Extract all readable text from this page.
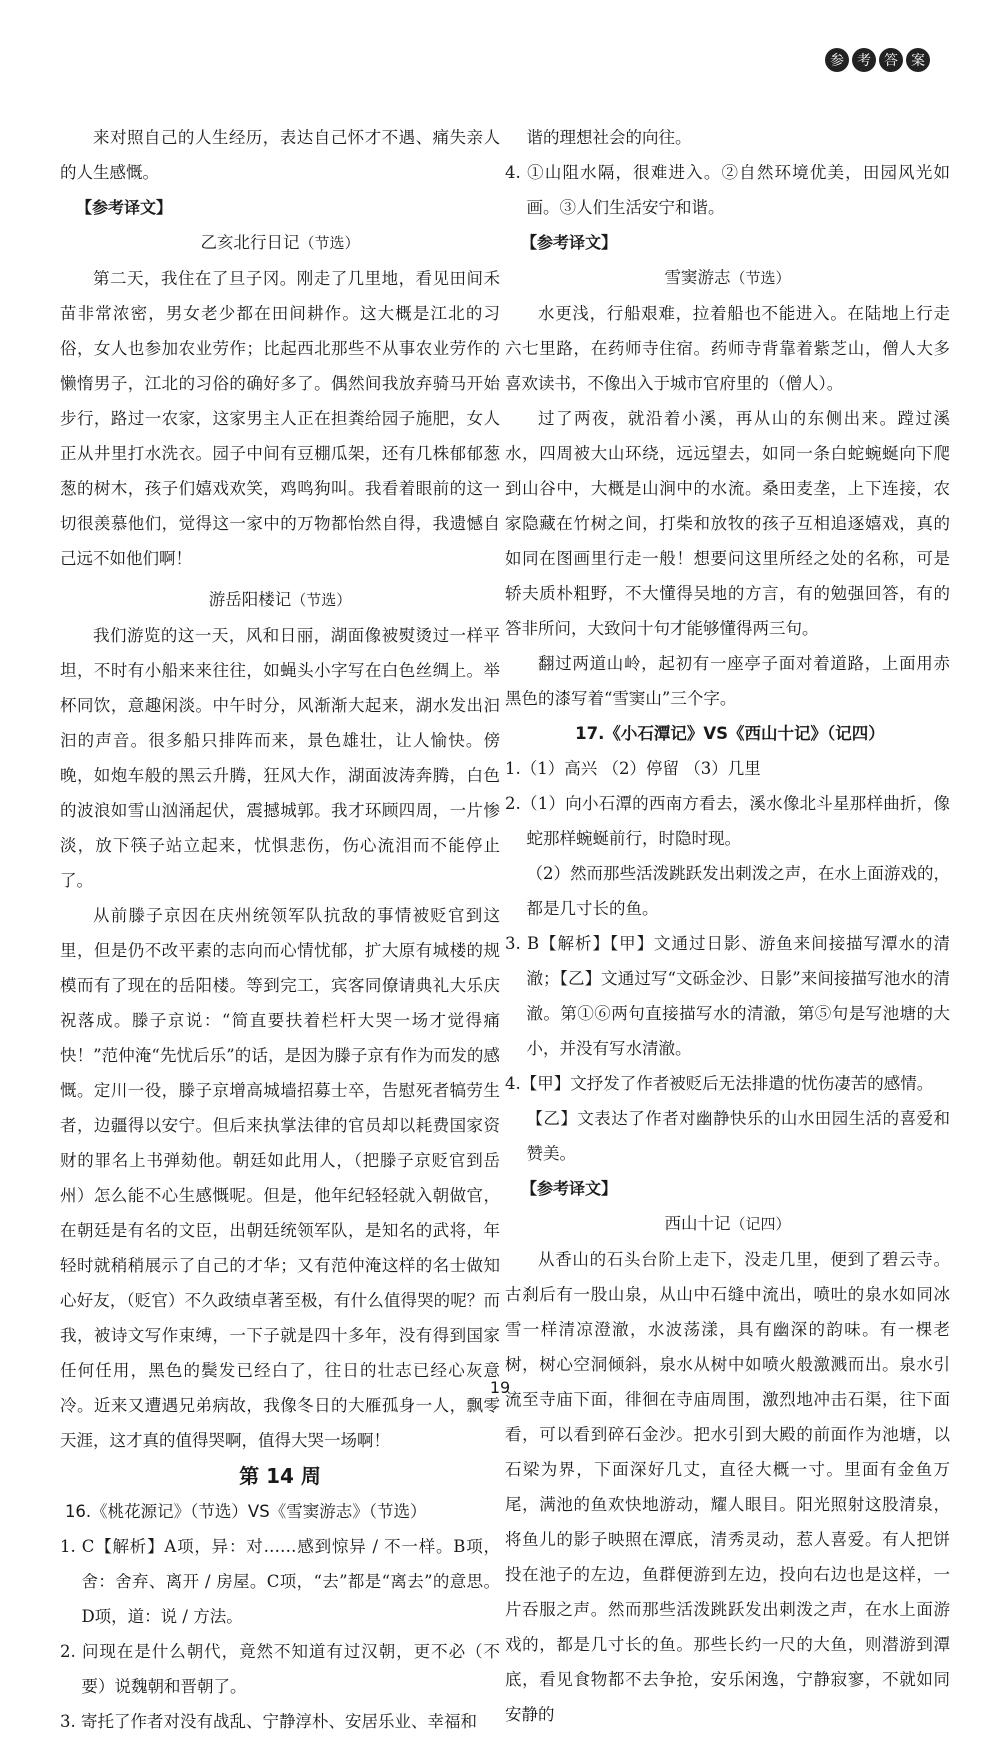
参 考 答 案

来对照自己的人生经历，表达自己怀才不遇、痛失亲人的人生感慨。

【参考译文】
乙亥北行日记（节选）

第二天，我住在了旦子冈。刚走了几里地，看见田间禾苗非常浓密，男女老少都在田间耕作。这大概是江北的习俗，女人也参加农业劳作；比起西北那些不从事农业劳作的懒惰男子，江北的习俗的确好多了。偶然间我放弃骑马开始步行，路过一农家，这家男主人正在担粪给园子施肥，女人正从井里打水洗衣。园子中间有豆棚瓜架，还有几株郁郁葱葱的树木，孩子们嬉戏欢笑，鸡鸣狗叫。我看着眼前的这一切很羡慕他们，觉得这一家中的万物都怡然自得，我遗憾自己远不如他们啊！

游岳阳楼记（节选）

我们游览的这一天，风和日丽，湖面像被熨烫过一样平坦，不时有小船来来往往，如蝇头小字写在白色丝绸上。举杯同饮，意趣闲淡。中午时分，风渐渐大起来，湖水发出汩汩的声音。很多船只排阵而来，景色雄壮，让人愉快。傍晚，如炮车般的黑云升腾，狂风大作，湖面波涛奔腾，白色的波浪如雪山汹涌起伏，震撼城郭。我才环顾四周，一片惨淡，放下筷子站立起来，忧惧悲伤，伤心流泪而不能停止了。

从前滕子京因在庆州统领军队抗敌的事情被贬官到这里，但是仍不改平素的志向而心情忧郁，扩大原有城楼的规模而有了现在的岳阳楼。等到完工，宾客同僚请典礼大乐庆祝落成。滕子京说：“简直要扶着栏杆大哭一场才觉得痛快！”范仲淹“先忧后乐”的话，是因为滕子京有作为而发的感慨。定川一役，滕子京增高城墙招募士卒，告慰死者犒劳生者，边疆得以安宁。但后来执掌法律的官员却以耗费国家资财的罪名上书弹劾他。朝廷如此用人，（把滕子京贬官到岳州）怎么能不心生感慨呢。但是，他年纪轻轻就入朝做官，在朝廷是有名的文臣，出朝廷统领军队，是知名的武将，年轻时就稍稍展示了自己的才华；又有范仲淹这样的名士做知心好友，（贬官）不久政绩卓著至极，有什么值得哭的呢？而我，被诗文写作束缚，一下子就是四十多年，没有得到国家任何任用，黑色的鬓发已经白了，往日的壮志已经心灰意冷。近来又遭遇兄弟病故，我像冬日的大雁孤身一人，飘零天涯，这才真的值得哭啊，值得大哭一场啊！

第 14 周
16.《桃花源记》（节选）VS《雪窦游志》（节选）

1. C【解析】A项，异：对……感到惊异 / 不一样。B项，舍：舍弃、离开 / 房屋。C项，“去”都是“离去”的意思。D项，道：说 / 方法。

2. 问现在是什么朝代，竟然不知道有过汉朝，更不必（不要）说魏朝和晋朝了。

3. 寄托了作者对没有战乱、宁静淳朴、安居乐业、幸福和

谐的理想社会的向往。

4. ①山阻水隔，很难进入。②自然环境优美，田园风光如画。③人们生活安宁和谐。

【参考译文】
雪窦游志（节选）

水更浅，行船艰难，拉着船也不能进入。在陆地上行走六七里路，在药师寺住宿。药师寺背靠着紫芝山，僧人大多喜欢读书，不像出入于城市官府里的（僧人）。

过了两夜，就沿着小溪，再从山的东侧出来。蹚过溪水，四周被大山环绕，远远望去，如同一条白蛇蜿蜒向下爬到山谷中，大概是山涧中的水流。桑田麦垄，上下连接，农家隐藏在竹树之间，打柴和放牧的孩子互相追逐嬉戏，真的如同在图画里行走一般！想要问这里所经之处的名称，可是轿夫质朴粗野，不大懂得吴地的方言，有的勉强回答，有的答非所问，大致问十句才能够懂得两三句。

翻过两道山岭，起初有一座亭子面对着道路，上面用赤黑色的漆写着“雪窦山”三个字。

17.《小石潭记》VS《西山十记》（记四）

1.（1）高兴 （2）停留 （3）几里

2.（1）向小石潭的西南方看去，溪水像北斗星那样曲折，像蛇那样蜿蜒前行，时隐时现。

（2）然而那些活泼跳跃发出刺泼之声，在水上面游戏的，都是几寸长的鱼。

3. B【解析】【甲】文通过日影、游鱼来间接描写潭水的清澈；【乙】文通过写“文砾金沙、日影”来间接描写池水的清澈。第①⑥两句直接描写水的清澈，第⑤句是写池塘的大小，并没有写水清澈。

4.【甲】文抒发了作者被贬后无法排遣的忧伤凄苦的感情。

【乙】文表达了作者对幽静快乐的山水田园生活的喜爱和赞美。

【参考译文】
西山十记（记四）

从香山的石头台阶上走下，没走几里，便到了碧云寺。古刹后有一股山泉，从山中石缝中流出，喷吐的泉水如同冰雪一样清凉澄澈，水波荡漾，具有幽深的韵味。有一棵老树，树心空洞倾斜，泉水从树中如喷火般激溅而出。泉水引流至寺庙下面，徘徊在寺庙周围，激烈地冲击石渠，往下面看，可以看到碎石金沙。把水引到大殿的前面作为池塘，以石梁为界，下面深好几丈，直径大概一寸。里面有金鱼万尾，满池的鱼欢快地游动，耀人眼目。阳光照射这股清泉，将鱼儿的影子映照在潭底，清秀灵动，惹人喜爱。有人把饼投在池子的左边，鱼群便游到左边，投向右边也是这样，一片吞服之声。然而那些活泼跳跃发出刺泼之声，在水上面游戏的，都是几寸长的鱼。那些长约一尺的大鱼，则潜游到潭底，看见食物都不去争抢，安乐闲逸，宁静寂寥，不就如同安静的

19
